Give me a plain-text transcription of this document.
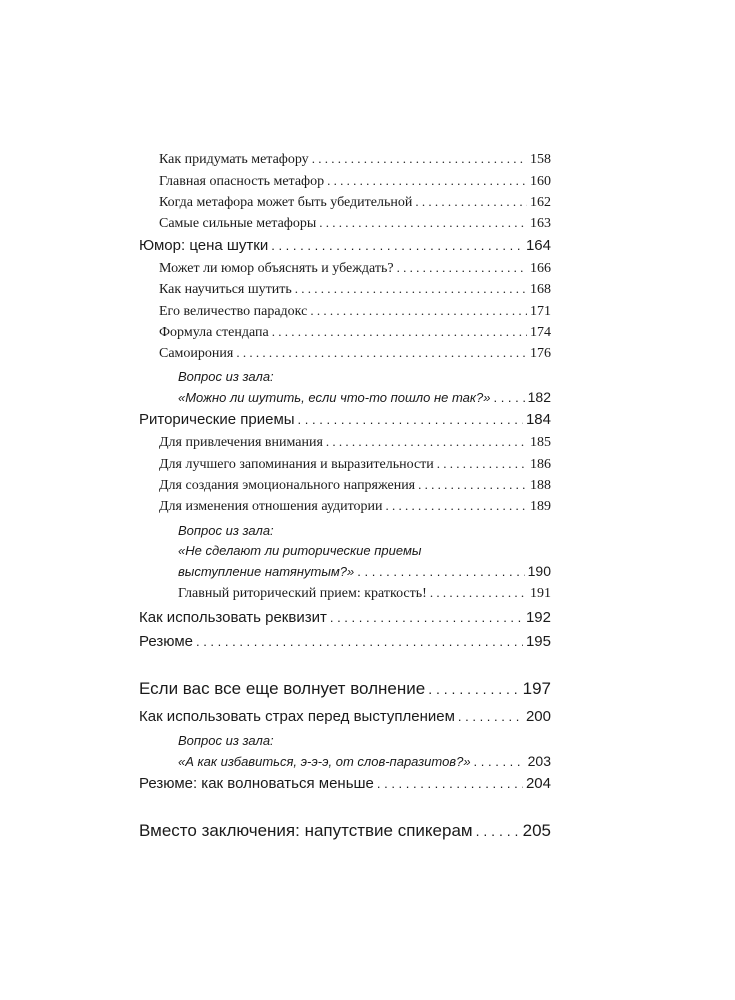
Как придумать метафору . . .	158
Главная опасность метафор . . .	160
Когда метафора может быть убедительной . . .	162
Самые сильные метафоры . . .	163
Юмор: цена шутки . . .	164
Может ли юмор объяснять и убеждать? . . .	166
Как научиться шутить . . .	168
Его величество парадокс . . .	171
Формула стендапа . . .	174
Самоирония . . .	176
Вопрос из зала:
«Можно ли шутить, если что-то пошло не так?» . . .	182
Риторические приемы . . .	184
Для привлечения внимания . . .	185
Для лучшего запоминания и выразительности . . .	186
Для создания эмоционального напряжения . . .	188
Для изменения отношения аудитории . . .	189
Вопрос из зала:
«Не сделают ли риторические приемы
выступление натянутым?» . . .	190
Главный риторический прием: краткость! . . .	191
Как использовать реквизит . . .	192
Резюме . . .	195
Если вас все еще волнует волнение . . .	197
Как использовать страх перед выступлением . . .	200
Вопрос из зала:
«А как избавиться, э-э-э, от слов-паразитов?» . . .	203
Резюме: как волноваться меньше . . .	204
Вместо заключения: напутствие спикерам . . .	205
